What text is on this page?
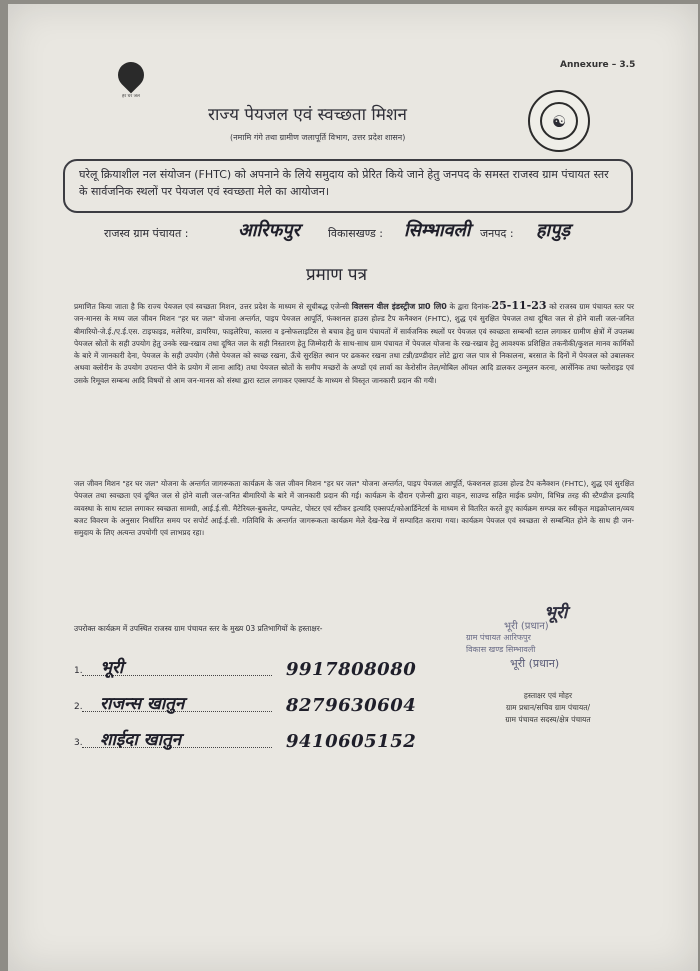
Annexure – 3.5
हर घर जल
☯
राज्य पेयजल एवं स्वच्छता मिशन
(नमामि गंगे तथा ग्रामीण जलापूर्ति विभाग, उत्तर प्रदेश शासन)
घरेलू क्रियाशील नल संयोजन (FHTC) को अपनाने के लिये समुदाय को प्रेरित किये जाने हेतु जनपद के समस्त राजस्व ग्राम पंचायत स्तर के सार्वजनिक स्थलों पर पेयजल एवं स्वच्छता मेले का आयोजन।
राजस्व ग्राम पंचायत :	आरिफपुर	विकासखण्ड : सिम्भावली जनपद : हापुड़
प्रमाण पत्र
प्रमाणित किया जाता है कि राज्य पेयजल एवं स्वच्छता मिशन, उत्तर प्रदेश के माध्यम से सूचीबद्ध एजेन्सी विलसन वील इंडस्ट्रीज प्रा0 लि0 के द्वारा दिनांक-25-11-23 को राजस्व ग्राम पंचायत स्तर पर जन-मानस के मध्य जल जीवन मिशन "हर घर जल" योजना अन्तर्गत, पाइप पेयजल आपूर्ति, फंक्शनल हाउस होल्ड टैप कनैक्शन (FHTC), शुद्ध एवं सुरक्षित पेयजल तथा दूषित जल से होने वाली जल-जनित बीमारियो-जे.ई./ए.ई.एस. टाइफाइड, मलेरिया, डायरिया, फाइलेरिया, कालरा व इन्सेफलाइटिस से बचाव हेतु ग्राम पंचायतों में सार्वजनिक स्थलों पर पेयजल एवं स्वच्छता सम्बन्धी स्टाल लगाकर ग्रामीण क्षेत्रों में उपलब्ध पेयजल स्रोतों के सही उपयोग हेतु उनके रख-रखाव तथा दूषित जल के सही निस्तारण हेतु जिम्मेदारी के साथ-साथ ग्राम पंचायत में पेयजल योजना के रख-रखाव हेतु आवश्यक प्रशिक्षित तकनीकी/कुशल मानव कार्मिकों के बारे में जानकारी देना, पेयजल के सही उपयोग (जैसे पेयजल को स्वच्छ रखना, ऊँचे सुरक्षित स्थान पर ढककर रखना तथा टन्नी/डण्डीदार लोटे द्वारा जल पात्र से निकालना, बरसात के दिनों में पेयजल को उबालकर अथवा क्लोरीन के उपयोग उपरान्त पीने के प्रयोग में लाना आदि) तथा पेयजल स्रोतों के समीप मच्छरों के अण्डों एवं लार्वा का केरोसीन तेल/मोबिल ऑयल आदि डालकर उन्मूलन करना, आर्सेनिक तथा फ्लोराइड एवं उसके रिमूवल सम्बन्ध आदि विषयों से आम जन-मानस को संस्था द्वारा स्टाल लगाकर एक्सपर्ट के माध्यम से विस्तृत जानकारी प्रदान की गयी।
जल जीवन मिशन "हर घर जल" योजना के अन्तर्गत जागरूकता कार्यक्रम के जल जीवन मिशन "हर घर जल" योजना अन्तर्गत, पाइप पेयजल आपूर्ति, फंक्शनल हाउस होल्ड टैप कनैक्शन (FHTC), शुद्ध एवं सुरक्षित पेयजल तथा स्वच्छता एवं दूषित जल से होने वाली जल-जनित बीमारियों के बारे में जानकारी प्रदान की गई। कार्यक्रम के दौरान एजेन्सी द्वारा वाहन, साउण्ड सहित माईक प्रयोग, विभिन्न तरह की स्टैण्डीज इत्यादि व्यवस्था के साथ स्टाल लगाकर स्वच्छता सामग्री, आई.ई.सी. मैटेरियल-बुकलेट, पम्पलेट, पोस्टर एवं स्टीकर इत्यादि एक्सपर्ट/कोआर्डिनेटर्स के माध्यम से वितरित करते हुए कार्यक्रम सम्पन्न कर स्वीकृत माइक्रोप्लान/व्यय बजट विवरण के अनुसार निर्धारित समय पर सपोर्ट आई.ई.सी. गतिविधि के अन्तर्गत जागरूकता कार्यक्रम मेले देख-रेख में सम्पादित कराया गया। कार्यक्रम पेयजल एवं स्वच्छता से सम्बन्धित होने के साथ ही जन-समुदाय के लिए अत्यन्त उपयोगी एवं लाभप्रद रहा।
उपरोक्त कार्यक्रम में उपस्थित राजस्व ग्राम पंचायत स्तर के मुख्य 03 प्रतिभागियों के हस्ताक्षर-
1. भूरी	9917808080
2. राजन्स खातुन	8279630604
3. शाईदा खातुन	9410605152
भूरी
भूरी (प्रधान)
ग्राम पंचायत आरिफपुर
विकास खण्ड सिम्भावली
भूरी (प्रधान)
हस्ताक्षर एवं मोहर
ग्राम प्रधान/सचिव ग्राम पंचायत/
ग्राम पंचायत सदस्य/क्षेत्र पंचायत
